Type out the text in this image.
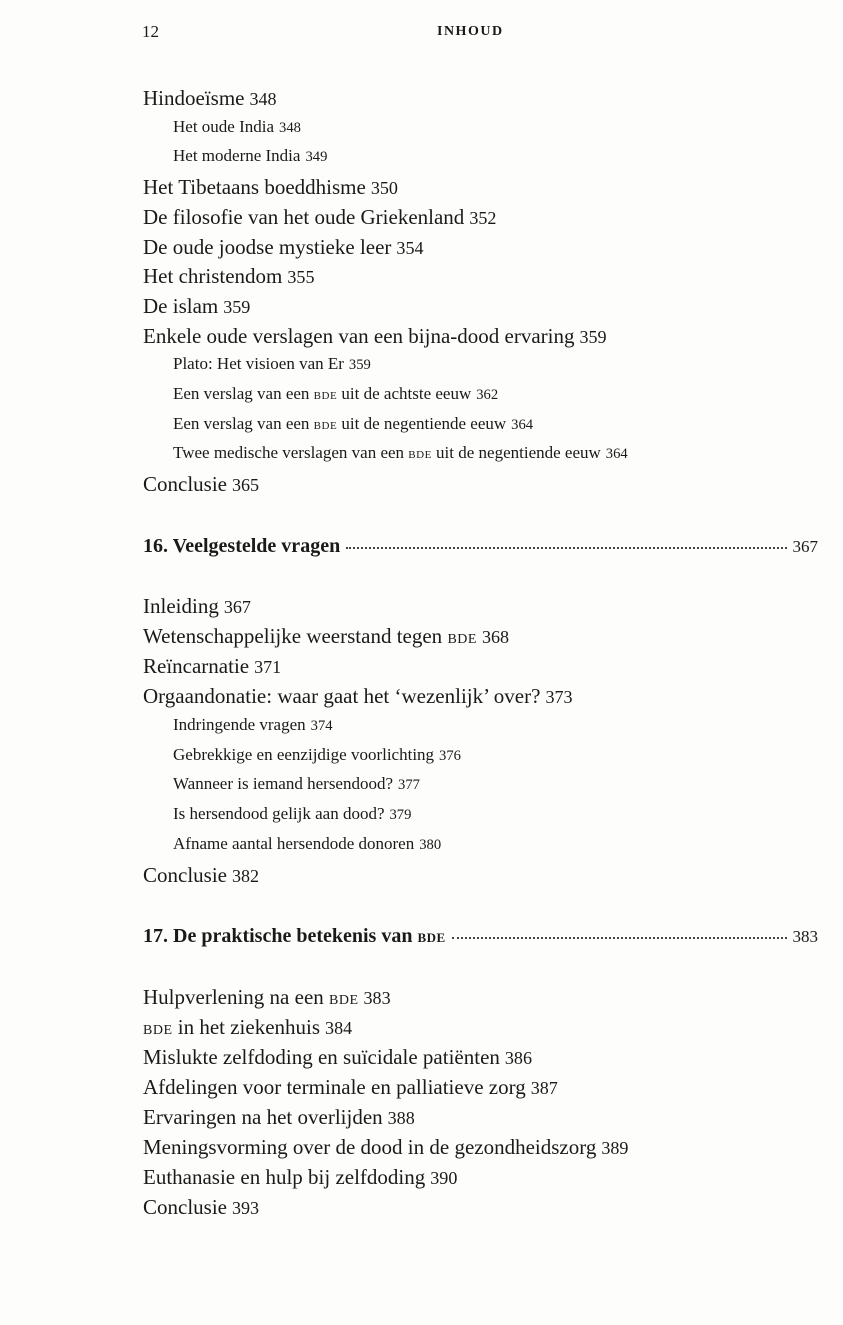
12	INHOUD
Hindoeïsme 348
Het oude India 348
Het moderne India 349
Het Tibetaans boeddhisme 350
De filosofie van het oude Griekenland 352
De oude joodse mystieke leer 354
Het christendom 355
De islam 359
Enkele oude verslagen van een bijna-dood ervaring 359
Plato: Het visioen van Er 359
Een verslag van een bde uit de achtste eeuw 362
Een verslag van een bde uit de negentiende eeuw 364
Twee medische verslagen van een bde uit de negentiende eeuw 364
Conclusie 365
16. Veelgestelde vragen	367
Inleiding 367
Wetenschappelijke weerstand tegen bde 368
Reïncarnatie 371
Orgaandonatie: waar gaat het ‘wezenlijk’ over? 373
Indringende vragen 374
Gebrekkige en eenzijdige voorlichting 376
Wanneer is iemand hersendood? 377
Is hersendood gelijk aan dood? 379
Afname aantal hersendode donoren 380
Conclusie 382
17. De praktische betekenis van bde	383
Hulpverlening na een bde 383
bde in het ziekenhuis 384
Mislukte zelfdoding en suïcidale patiënten 386
Afdelingen voor terminale en palliatieve zorg 387
Ervaringen na het overlijden 388
Meningsvorming over de dood in de gezondheidszorg 389
Euthanasie en hulp bij zelfdoding 390
Conclusie 393
